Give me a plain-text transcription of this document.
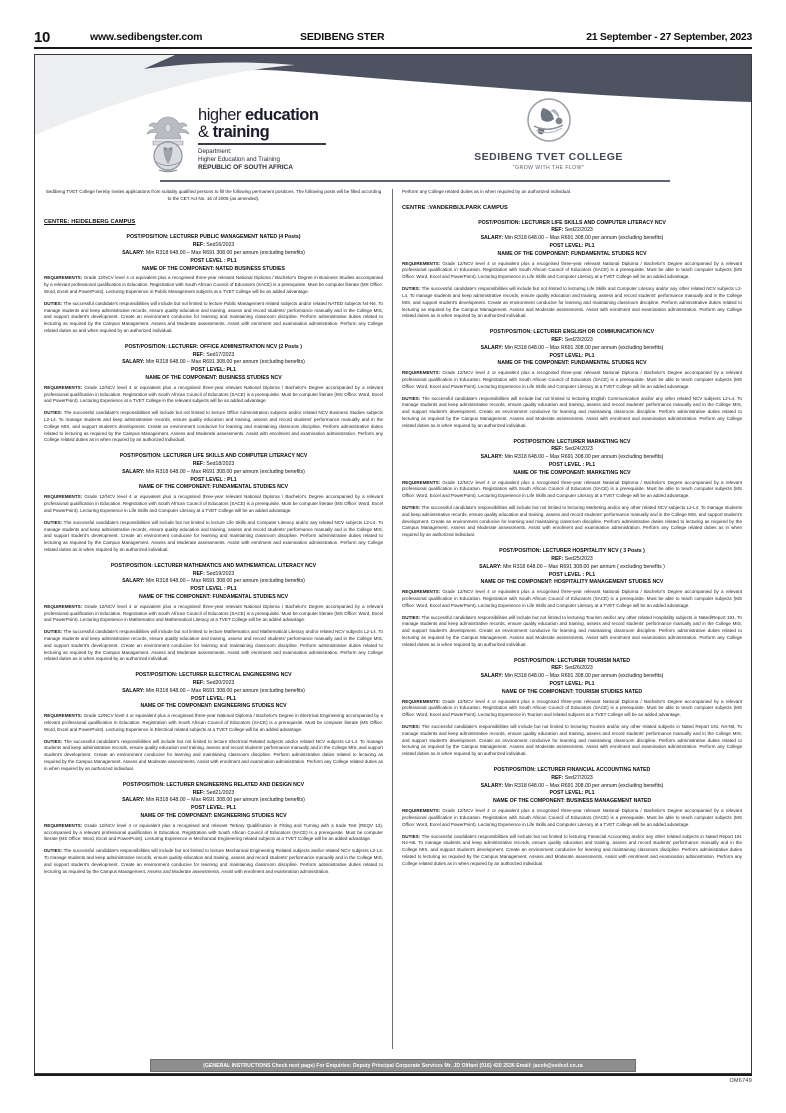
10	www.sedibengster.com	SEDIBENG STER	21 September - 27 September, 2023
higher education
& training
Department:
Higher Education and Training
REPUBLIC OF SOUTH AFRICA
SEDIBENG TVET COLLEGE
"GROW WITH THE FLOW"
Sedibeng TVET College hereby invites applications from suitably qualified persons to fill the following permanent positions. The following posts will be filled according to the CET Act No. 16 of 2006 (as amended).
CENTRE: HEIDELBERG CAMPUS
POST/POSITION: LECTURER PUBLIC MANAGEMENT NATED (4 Posts)
REF: Sed16/2023
SALARY: Min R318 648.00 – Max R691 308.00 per annum (excluding benefits)
POST LEVEL : PL1
NAME OF THE COMPONENT: NATED BUSINESS STUDIES
REQUIREMENTS: Grade 12/NCV level 4 or equivalent plus a recognised three-year relevant National Diploma / Bachelor's Degree in Business Studies accompanied by a relevant professional qualification in Education. Registration with South African Council of Educators (SACE) is a prerequisite. Must be computer literate (MS Office: Word, Excel and PowerPoint). Lecturing Experience in Public Management subjects at a TVET College will be an added advantage.
DUTIES: The successful candidate's responsibilities will include but not limited to lecture Public Management related subjects and/or related NATED subjects N4-N6. To manage students and keep administrative records, ensure quality education and training, assess and record students' performance manually and in the College MIS, and support student's development. Create an environment conducive for learning and maintaining classroom discipline. Perform administrative duties related to lecturing as required by the Campus Management. Assess and Moderate assessments. Assist with enrolment and examination administration. Perform any College related duties as and when required by an authorized individual.
POST/POSITION: LECTURER: OFFICE ADMINISTRATION NCV (2 Posts )
REF: Sed17/2023
SALARY: Min R318 648.00 – Max R691 308.00 per annum (excluding benefits)
POST LEVEL: PL1
NAME OF THE COMPONENT: BUSINESS STUDIES NCV
REQUIREMENTS: Grade 12/NCV level 4 or equivalent plus a recognised three-year relevant National Diploma / Bachelor's Degree accompanied by a relevant professional qualification in Education. Registration with South African Council of Educators (SACE) is a prerequisite. Must be computer literate (MS Office: Word, Excel and PowerPoint). Lecturing Experience at a TVET College in the relevant subjects will be an added advantage.
DUTIES: The successful candidate's responsibilities will include but not limited to lecture Office Administration subjects and/or related NCV Business Studies subjects L2-L4. To manage students and keep administrative records, ensure quality education and training, assess and record students' performance manually and in the College MIS, and support student's development. Create an environment conducive for learning and maintaining classroom discipline. Perform administrative duties related to lecturing as required by the Campus Management. Assess and Moderate assessments. Assist with enrolment and examination administration. Perform any College related duties as in when required by an authorized individual.
POST/POSITION: LECTURER LIFE SKILLS AND COMPUTER LITERACY NCV
REF: Sed18/2023
SALARY: Min R318 648.00 – Max R691 308.00 per annum (excluding benefits)
POST LEVEL : PL1
NAME OF THE COMPONENT: FUNDAMENTAL STUDIES NCV
REQUIREMENTS: Grade 12/NCV level 4 or equivalent plus a recognised three-year relevant National Diploma / Bachelor's Degree accompanied by a relevant professional qualification in Education. Registration with South African Council of Educators (SACE) is a prerequisite. Must be computer literate (MS Office: Word, Excel and PowerPoint). Lecturing Experience in Life Skills and Computer Literacy at a TVET College will be an added advantage.
DUTIES: The successful candidate's responsibilities will include but not limited to lecture Life Skills and Computer Literacy and/or any related NCV subjects L2-L4. To manage students and keep administrative records, ensure quality education and training, assess and record students' performance manually and in the College MIS, and support student's development. Create an environment conducive for learning and maintaining classroom discipline. Perform administrative duties related to lecturing as required by the Campus Management. Assess and Moderate assessments. Assist with enrolment and examination administration. Perform any College related duties as in when required by an authorized individual.
POST/POSITION: LECTURER MATHEMATICS AND MATHEMATICAL LITERACY NCV
REF: Sed19/2023
SALARY: Min R318 648.00 – Max R691 308.00 per annum (excluding benefits)
POST LEVEL : PL1
NAME OF THE COMPONENT: FUNDAMENTAL STUDIES NCV
REQUIREMENTS: Grade 12/NCV level 4 or equivalent plus a recognised three-year relevant National Diploma / Bachelor's Degree accompanied by a relevant professional qualification in Education. Registration with South African Council of Educators (SACE) is a prerequisite. Must be computer literate (MS Office: Word, Excel and PowerPoint). Lecturing Experience in Mathematics and Mathematical Literacy at a TVET College will be an added advantage.
DUTIES: The successful candidate's responsibilities will include but not limited to lecture Mathematics and Mathematical Literacy and/or related NCV subjects L2-L4. To manage students and keep administrative records, ensure quality education and training, assess and record students' performance manually and in the College MIS, and support student's development. Create an environment conducive for learning and maintaining classroom discipline. Perform administrative duties related to lecturing as required by the Campus Management. Assess and Moderate assessments. Assist with enrolment and examination administration. Perform any College related duties as in when required by an authorized individual.
POST/POSITION: LECTURER ELECTRICAL ENGINEERING NCV
REF: Sed20/2023
SALARY: Min R318 648.00 – Max R691 308.00 per annum (excluding benefits)
POST LEVEL: PL1
NAME OF THE COMPONENT: ENGINEERING STUDIES NCV
REQUIREMENTS: Grade 12/NCV level 4 or equivalent plus a recognised three-year National Diploma / Bachelor's Degree in Electrical Engineering accompanied by a relevant professional qualification in Education. Registration with South African Council of Educators (SACE) is a prerequisite. Must be computer literate (MS Office: Word, Excel and PowerPoint). Lecturing Experience in Electrical related subjects at a TVET College will be an added advantage.
DUTIES: The successful candidate's responsibilities will include but not limited to lecture Electrical Related subjects and/or related NCV subjects L2-L4. To manage students and keep administrative records, ensure quality education and training, assess and record students' performance manually and in the College MIS, and support student's development. Create an environment conducive for learning and maintaining classroom discipline. Perform administrative duties related to lecturing as required by the Campus Management. Assess and Moderate assessments. Assist with enrolment and examination administration. Perform any College related duties as in when required by an authorized individual.
POST/POSITION: LECTURER ENGINEERING RELATED AND DESIGN NCV
REF: Sed21/2023
SALARY: Min R318 648.00 – Max R691 308.00 per annum (excluding benefits)
POST LEVEL: PL1
NAME OF THE COMPONENT: ENGINEERING STUDIES NCV
REQUIREMENTS: Grade 12/NCV level 4 or equivalent plus a recognised and relevant Tertiary Qualification in Fitting and Turning with a trade Test (REQV 13), accompanied by a relevant professional qualification in Education. Registration with South African Council of Educators (SACE) is a prerequisite. Must be computer literate (MS Office: Word, Excel and PowerPoint). Lecturing Experience in Mechanical Engineering related subjects at a TVET College will be an added advantage.
DUTIES: The successful candidate's responsibilities will include but not limited to lecture Mechanical Engineering Related subjects and/or related NCV subjects L2-L4. To manage students and keep administrative records, ensure quality education and training, assess and record students' performance manually and in the College MIS, and support student's development. Create an environment conducive for learning and maintaining classroom discipline. Perform administrative duties related to lecturing as required by the Campus Management. Assess and Moderate assessments. Assist with enrolment and examination administration.
Perform any College related duties as in when required by an authorized individual.
CENTRE :VANDERBIJLPARK CAMPUS
POST/POSITION: LECTURER LIFE SKILLS AND COMPUTER LITERACY NCV
REF: Sed22/2023
SALARY: Min R318 648.00 – Max R691 308.00 per annum (excluding benefits)
POST LEVEL: PL1
NAME OF THE COMPONENT: FUNDAMENTAL STUDIES NCV
REQUIREMENTS: Grade 12/NCV level 4 or equivalent plus a recognised three-year relevant National Diploma / Bachelor's Degree accompanied by a relevant professional qualification in Education. Registration with South African Council of Educators (SACE) is a prerequisite. Must be able to teach computer subjects (MS Office: Word, Excel and PowerPoint). Lecturing Experience in Life Skills and Computer Literacy at a TVET College will be an added advantage.
DUTIES: The successful candidate's responsibilities will include but not limited to lecturing Life Skills and Computer Literacy and/or any other related NCV subjects L2-L4. To manage students and keep administrative records, ensure quality education and training, assess and record students' performance manually and in the College MIS, and support student's development. Create an environment conducive for learning and maintaining classroom discipline. Perform administrative duties related to lecturing as required by the Campus Management. Assess and Moderate assessments. Assist with enrolment and examination administration. Perform any College related duties as in when required by an authorized individual.
POST/POSITION: LECTURER ENGLISH OR COMMUNICATION NCV
REF: Sed23/2023
SALARY: Min R318 648.00 – Max R691 308.00 per annum (excluding benefits)
POST LEVEL: PL1
NAME OF THE COMPONENT: FUNDAMENTAL STUDIES NCV
REQUIREMENTS: Grade 12/NCV level 4 or equivalent plus a recognised three-year relevant National Diploma / Bachelor's Degree accompanied by a relevant professional qualification in Education. Registration with South African Council of Educators (SACE) is a prerequisite. Must be able to teach computer subjects (MS Office: Word, Excel and PowerPoint). Lecturing Experience in Life Skills and Computer Literacy at a TVET College will be an added advantage.
DUTIES: The successful candidate's responsibilities will include but not limited to lecturing English Communication and/or any other related NCV subjects L2-L4. To manage students and keep administrative records, ensure quality education and training, assess and record students' performance manually and in the College MIS, and support student's development. Create an environment conducive for learning and maintaining classroom discipline. Perform administrative duties related to lecturing as required by the Campus Management. Assess and Moderate assessments. Assist with enrolment and examination administration. Perform any College related duties as in when required by an authorized individual.
POST/POSITION: LECTURER MARKETING NCV
REF: Sed24/2023
SALARY: Min R318 648.00 – Max R691 308.00 per annum (excluding benefits)
POST LEVEL : PL1
NAME OF THE COMPONENT: MARKETING NCV
REQUIREMENTS: Grade 12/NCV level 4 or equivalent plus a recognised three-year relevant National Diploma / Bachelor's Degree accompanied by a relevant professional qualification in Education. Registration with South African Council of Educators (SACE) is a prerequisite. Must be able to teach computer subjects (MS Office: Word, Excel and PowerPoint). Lecturing Experience in Life Skills and Computer Literacy at a TVET College will be an added advantage.
DUTIES: The successful candidate's responsibilities will include but not limited to lecturing Marketing and/or any other related NCV subjects L2-L4. To manage students and keep administrative records, ensure quality education and training, assess and record students' performance manually and in the College MIS, and support student's development. Create an environment conducive for learning and maintaining classroom discipline. Perform administrative duties related to lecturing as required by the Campus Management. Assess and Moderate assessments. Assist with enrolment and examination administration. Perform any College related duties as in when required by an authorized individual.
POST/POSITION: LECTURER HOSPITALITY NCV ( 3 Posts )
REF: Sed25/2023
SALARY: Min R318 648.00 – Max R691 308.00 per annum ( excluding benefits )
POST LEVEL : PL1
NAME OF THE COMPONENT: HOSPITALITY MANAGEMENT STUDIES NCV
REQUIREMENTS: Grade 12/NCV level 4 or equivalent plus a recognised three-year relevant National Diploma / Bachelor's Degree accompanied by a relevant professional qualification in Education. Registration with South African Council of Educators (SACE) is a prerequisite. Must be able to teach computer subjects (MS Office: Word, Excel and PowerPoint). Lecturing Experience in Life Skills and Computer Literacy at a TVET College will be an added advantage.
DUTIES: The successful candidate's responsibilities will include but not limited to lecturing Tourism and/or any other related Hospitality subjects in Nated/Report 191. To manage students and keep administrative records, ensure quality education and training, assess and record students' performance manually and in the College MIS, and support student's development. Create an environment conducive for learning and maintaining classroom discipline. Perform administrative duties related to lecturing as required by the Campus Management. Assess and Moderate assessments. Assist with enrolment and examination administration. Perform any College related duties as in when required by an authorized individual.
POST/POSITION: LECTURER TOURISM NATED
REF: Sed26/2023
SALARY: Min R318 648.00 – Max R691 308.00 per annum (excluding benefits)
POST LEVEL: PL1
NAME OF THE COMPONENT: TOURISM STUDIES NATED
REQUIREMENTS: Grade 12/NCV level 4 or equivalent plus a recognised three-year relevant National Diploma / Bachelor's Degree accompanied by a relevant professional qualification in Education. Registration with South African Council of Educators (SACE) is a prerequisite. Must be able to teach computer subjects (MS Office: Word, Excel and PowerPoint). Lecturing Experience in Tourism and related subjects at a TVET College will be an added advantage.
DUTIES: The successful candidate's responsibilities will include but not limited to lecturing Tourism and/or any other related subjects in Nated Report 191. N4-N6. To manage students and keep administrative records, ensure quality education and training, assess and record students' performance manually and in the College MIS, and support student's development. Create an environment conducive for learning and maintaining classroom discipline. Perform administrative duties related to lecturing as required by the Campus Management. Assess and Moderate assessments. Assist with enrolment and examination administration. Perform any College related duties as in when required by an authorized individual.
POST/POSITION: LECTURER FINANCIAL ACCOUNTING NATED
REF: Sed27/2023
SALARY: Min R318 648.00 – Max R691 308.00 per annum (excluding benefits)
POST LEVEL: PL1
NAME OF THE COMPONENT: BUSINESS MANAGEMENT NATED
REQUIREMENTS: Grade 12/NCV level 4 or equivalent plus a recognised three-year relevant National Diploma / Bachelor's Degree accompanied by a relevant professional qualification in Education. Registration with South African Council of Educators (SACE) is a prerequisite. Must be able to teach computer subjects (MS Office: Word, Excel and PowerPoint). Lecturing Experience in Life Skills and Computer Literacy at a TVET College will be an added advantage.
DUTIES: The successful candidate's responsibilities will include but not limited to lecturing Financial Accounting and/or any other related subjects in Nated Report 191 N4-N6. To manage students and keep administrative records, ensure quality education and training, assess and record students' performance manually and in the College MIS, and support student's development. Create an environment conducive for learning and maintaining classroom discipline. Perform administrative duties related to lecturing as required by the Campus Management. Assess and Moderate assessments. Assist with enrolment and examination administration. Perform any College related duties as in when required by an authorized individual.
(GENERAL INSTRUCTIONS Check next page) For Enquiries: Deputy Principal Corporate Services Mr. JD Olifant (016) 420 2536 Email: jacob@sedcol.co.za
OM6749
